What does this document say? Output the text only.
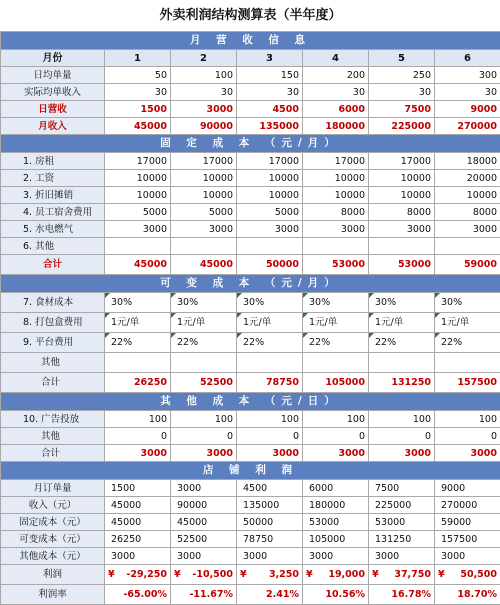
外卖利润结构测算表（半年度）						
月 营 收 信 息						
月份	1	2	3	4	5	6
日均单量	50	100	150	200	250	300
实际均单收入	30	30	30	30	30	30
日营收	1500	3000	4500	6000	7500	9000
月收入	45000	90000	135000	180000	225000	270000
固 定 成 本 （元/月）						
1. 房租	17000	17000	17000	17000	17000	18000
2. 工资	10000	10000	10000	10000	10000	20000
3. 折旧摊销	10000	10000	10000	10000	10000	10000
4. 员工宿舍费用	5000	5000	5000	8000	8000	8000
5. 水电燃气	3000	3000	3000	3000	3000	3000
6. 其他						
合计	45000	45000	50000	53000	53000	59000
可 变 成 本 （元/月）						
7. 食材成本	30%	30%	30%	30%	30%	30%
8. 打包盒费用	1元/单	1元/单	1元/单	1元/单	1元/单	1元/单
9. 平台费用	22%	22%	22%	22%	22%	22%
其他						
合计	26250	52500	78750	105000	131250	157500
其 他 成 本 （元/日）						
10. 广告投放	100	100	100	100	100	100
其他	0	0	0	0	0	0
合计	3000	3000	3000	3000	3000	3000
店 铺 利 润						
月订单量	1500	3000	4500	6000	7500	9000
收入（元）	45000	90000	135000	180000	225000	270000
固定成本（元）	45000	45000	50000	53000	53000	59000
可变成本（元）	26250	52500	78750	105000	131250	157500
其他成本（元）	3000	3000	3000	3000	3000	3000
利润	¥ -29,250	¥ -10,500	¥ 3,250	¥ 19,000	¥ 37,750	¥ 50,500

利润率	-65.00%	-11.67%	2.41%	10.56%	16.78%	18.70%
